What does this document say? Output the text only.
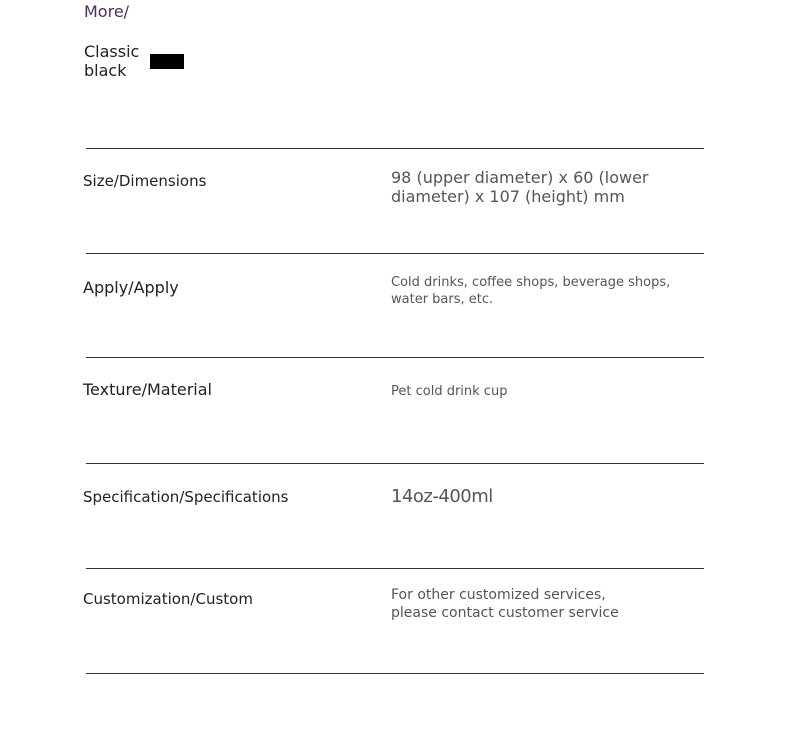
More/
Classic black
Size/Dimensions	98 (upper diameter) x 60 (lower diameter) x 107 (height) mm
Apply/Apply	Cold drinks, coffee shops, beverage shops, water bars, etc.
Texture/Material	Pet cold drink cup
Specification/Specifications	14oz-400ml
Customization/Custom	For other customized services, please contact customer service
